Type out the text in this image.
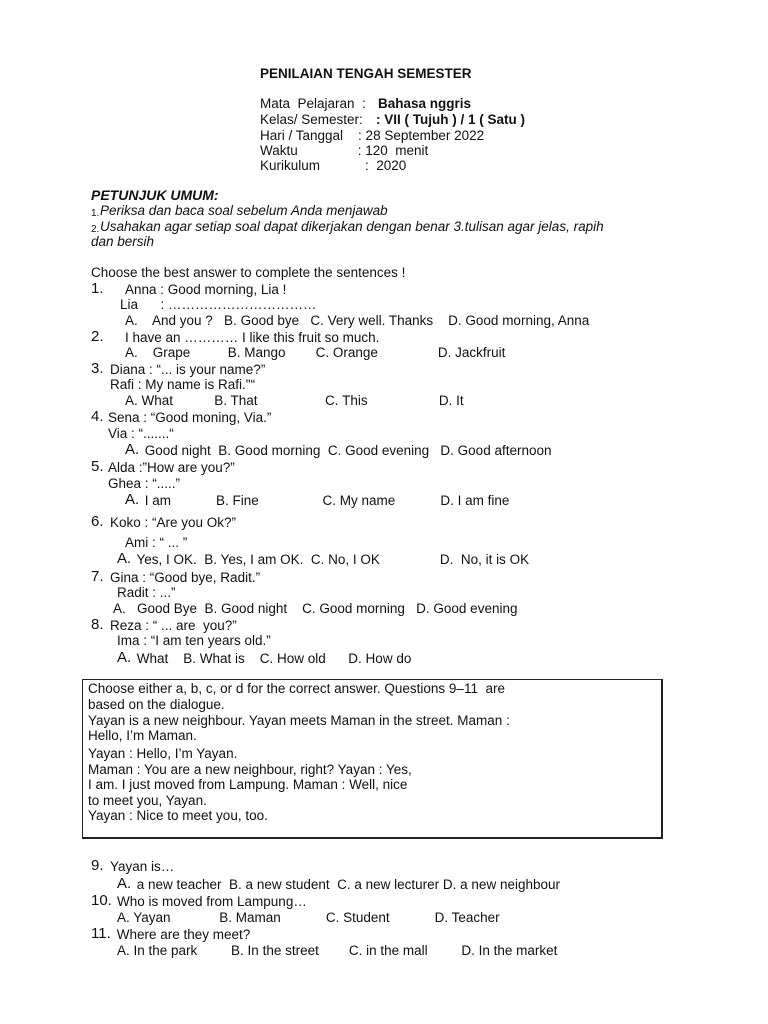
PENILAIAN TENGAH SEMESTER
Mata  Pelajaran  : Bahasa nggris
Kelas/ Semester: : VII ( Tujuh ) / 1 ( Satu )
Hari / Tanggal    : 28 September 2022
Waktu                : 120  menit
Kurikulum            :  2020
PETUNJUK UMUM:
1. Periksa dan baca soal sebelum Anda menjawab
2. Usahakan agar setiap soal dapat dikerjakan dengan benar 3.tulisan agar jelas, rapih
dan bersih
Choose the best answer to complete the sentences !
1. Anna : Good morning, Lia !
Lia      : ……………………………
A.    And you ?   B. Good bye   C. Very well. Thanks    D. Good morning, Anna
2. I have an ………… I like this fruit so much.
A.    Grape          B. Mango        C. Orange                D. Jackfruit
3. Diana : “... is your name?”
Rafi : My name is Rafi."“
A. What           B. That                  C. This                   D. It
4. Sena : “Good moning, Via.”
Via : “.......“
A. Good night  B. Good morning  C. Good evening   D. Good afternoon
5. Alda :”How are you?”
Ghea : “.....”
A. I am            B. Fine                 C. My name            D. I am fine
6. Koko : “Are you Ok?”
Ami : “ ... ”
A. Yes, I OK.  B. Yes, I am OK.  C. No, I OK                D.  No, it is OK
7. Gina : “Good bye, Radit.”
Radit : ...”
A.   Good Bye  B. Good night    C. Good morning   D. Good evening
8. Reza : “ ... are  you?”
Ima : “I am ten years old.”
A. What    B. What is    C. How old      D. How do
Choose either a, b, c, or d for the correct answer. Questions 9–11  are
based on the dialogue.
Yayan is a new neighbour. Yayan meets Maman in the street. Maman :
Hello, I’m Maman.
Yayan : Hello, I’m Yayan.
Maman : You are a new neighbour, right? Yayan : Yes,
I am. I just moved from Lampung. Maman : Well, nice
to meet you, Yayan.
Yayan : Nice to meet you, too.
9. Yayan is…
A. a new teacher  B. a new student  C. a new lecturer D. a new neighbour
10. Who is moved from Lampung…
A. Yayan             B. Maman            C. Student            D. Teacher
11. Where are they meet?
A. In the park         B. In the street        C. in the mall         D. In the market
